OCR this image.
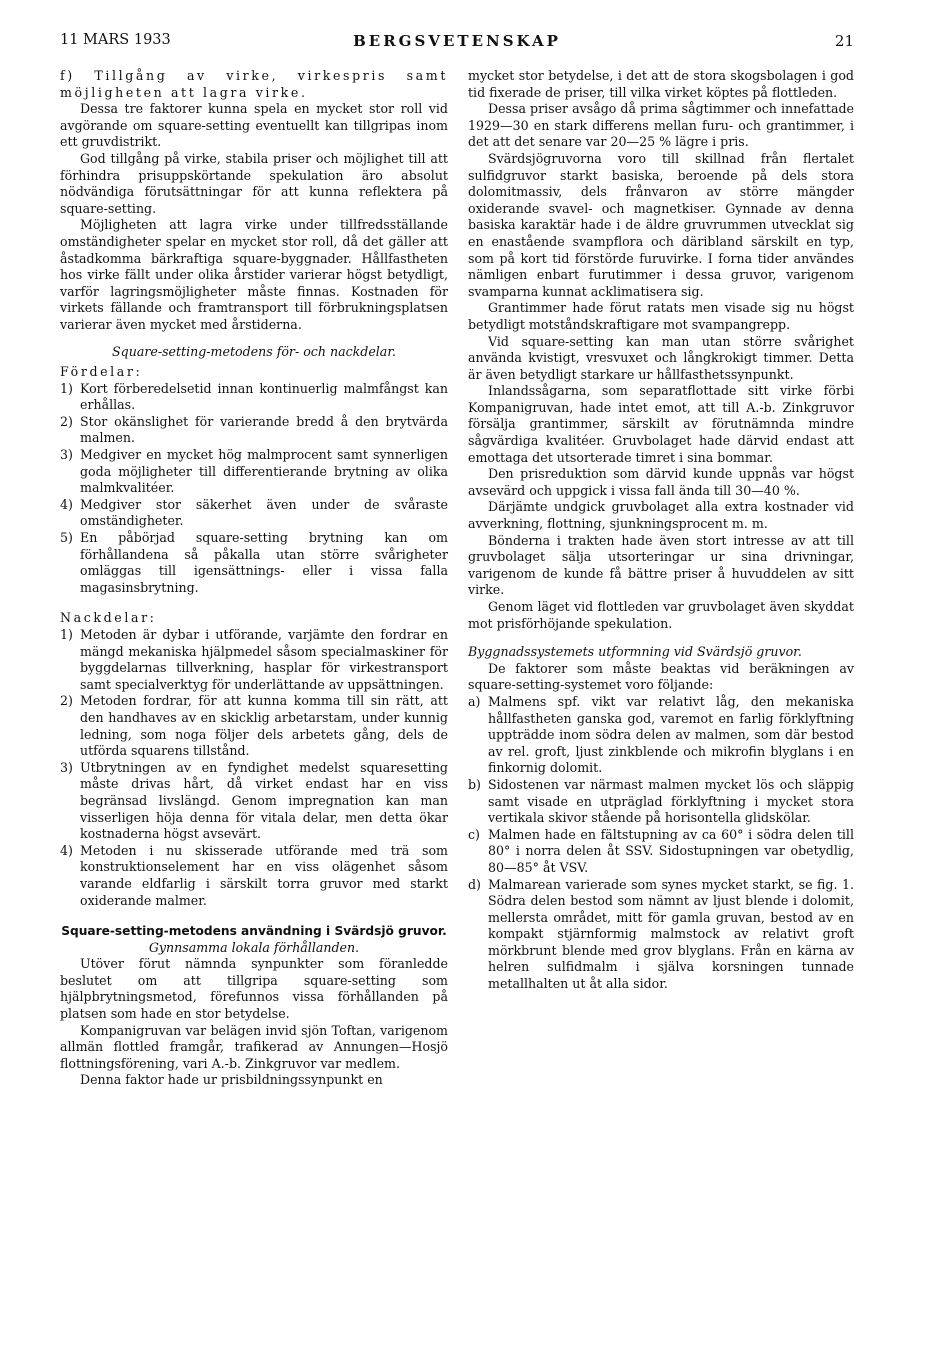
11 MARS 1933	BERGSVETENSKAP	21

f) Tillgång av virke, virkespris samt möjligheten att lagra virke.

Dessa tre faktorer kunna spela en mycket stor roll vid avgörande om square-setting eventuellt kan tillgripas inom ett gruvdistrikt.

God tillgång på virke, stabila priser och möjlighet till att förhindra prisuppskörtande spekulation äro absolut nödvändiga förutsättningar för att kunna reflektera på square-setting.

Möjligheten att lagra virke under tillfredsställande omständigheter spelar en mycket stor roll, då det gäller att åstadkomma bärkraftiga square-byggnader. Hållfastheten hos virke fällt under olika årstider varierar högst betydligt, varför lagringsmöjligheter måste finnas. Kostnaden för virkets fällande och framtransport till förbrukningsplatsen varierar även mycket med årstiderna.

Square-setting-metodens för- och nackdelar.

Fördelar:

1) Kort förberedelsetid innan kontinuerlig malmfångst kan erhållas.
2) Stor okänslighet för varierande bredd å den brytvärda malmen.
3) Medgiver en mycket hög malmprocent samt synnerligen goda möjligheter till differentierande brytning av olika malmkvalitéer.
4) Medgiver stor säkerhet även under de svåraste omständigheter.
5) En påbörjad square-setting brytning kan om förhållandena så påkalla utan större svårigheter omläggas till igensättnings- eller i vissa falla magasinsbrytning.

Nackdelar:

1) Metoden är dybar i utförande, varjämte den fordrar en mängd mekaniska hjälpmedel såsom specialmaskiner för byggdelarnas tillverkning, hasplar för virkestransport samt specialverktyg för underlättande av uppsättningen.
2) Metoden fordrar, för att kunna komma till sin rätt, att den handhaves av en skicklig arbetarstam, under kunnig ledning, som noga följer dels arbetets gång, dels de utförda squarens tillstånd.
3) Utbrytningen av en fyndighet medelst squaresetting måste drivas hårt, då virket endast har en viss begränsad livslängd. Genom impregnation kan man visserligen höja denna för vitala delar, men detta ökar kostnaderna högst avsevärt.
4) Metoden i nu skisserade utförande med trä som konstruktionselement har en viss olägenhet såsom varande eldfarlig i särskilt torra gruvor med starkt oxiderande malmer.

Square-setting-metodens användning i Svärdsjö gruvor.

Gynnsamma lokala förhållanden.

Utöver förut nämnda synpunkter som föranledde beslutet om att tillgripa square-setting som hjälpbrytningsmetod, förefunnos vissa förhållanden på platsen som hade en stor betydelse.

Kompanigruvan var belägen invid sjön Toftan, varigenom allmän flottled framgår, trafikerad av Annungen—Hosjö flottningsförening, vari A.-b. Zinkgruvor var medlem.

Denna faktor hade ur prisbildningssynpunkt en

mycket stor betydelse, i det att de stora skogsbolagen i god tid fixerade de priser, till vilka virket köptes på flottleden.

Dessa priser avsågo då prima sågtimmer och innefattade 1929—30 en stark differens mellan furu- och grantimmer, i det att det senare var 20—25 % lägre i pris.

Svärdsjögruvorna voro till skillnad från flertalet sulfidgruvor starkt basiska, beroende på dels stora dolomitmassiv, dels frånvaron av större mängder oxiderande svavel- och magnetkiser. Gynnade av denna basiska karaktär hade i de äldre gruvrummen utvecklat sig en enastående svampflora och däribland särskilt en typ, som på kort tid förstörde furuvirke. I forna tider användes nämligen enbart furutimmer i dessa gruvor, varigenom svamparna kunnat acklimatisera sig.

Grantimmer hade förut ratats men visade sig nu högst betydligt motståndskraftigare mot svampangrepp.

Vid square-setting kan man utan större svårighet använda kvistigt, vresvuxet och långkrokigt timmer. Detta är även betydligt starkare ur hållfasthetssynpunkt.

Inlandssågarna, som separatflottade sitt virke förbi Kompanigruvan, hade intet emot, att till A.-b. Zinkgruvor försälja grantimmer, särskilt av förutnämnda mindre sågvärdiga kvalitéer. Gruvbolaget hade därvid endast att emottaga det utsorterade timret i sina bommar.

Den prisreduktion som därvid kunde uppnås var högst avsevärd och uppgick i vissa fall ända till 30—40 %.

Därjämte undgick gruvbolaget alla extra kostnader vid avverkning, flottning, sjunkningsprocent m. m.

Bönderna i trakten hade även stort intresse av att till gruvbolaget sälja utsorteringar ur sina drivningar, varigenom de kunde få bättre priser å huvuddelen av sitt virke.

Genom läget vid flottleden var gruvbolaget även skyddat mot prisförhöjande spekulation.

Byggnadssystemets utformning vid Svärdsjö gruvor.

De faktorer som måste beaktas vid beräkningen av square-setting-systemet voro följande:

a) Malmens spf. vikt var relativt låg, den mekaniska hållfastheten ganska god, varemot en farlig förklyftning uppträdde inom södra delen av malmen, som där bestod av rel. groft, ljust zinkblende och mikrofin blyglans i en finkornig dolomit.
b) Sidostenen var närmast malmen mycket lös och släppig samt visade en utpräglad förklyftning i mycket stora vertikala skivor stående på horisontella glidskölar.
c) Malmen hade en fältstupning av ca 60° i södra delen till 80° i norra delen åt SSV. Sidostupningen var obetydlig, 80—85° åt VSV.
d) Malmarean varierade som synes mycket starkt, se fig. 1. Södra delen bestod som nämnt av ljust blende i dolomit, mellersta området, mitt för gamla gruvan, bestod av en kompakt stjärnformig malmstock av relativt groft mörkbrunt blende med grov blyglans. Från en kärna av helren sulfidmalm i själva korsningen tunnade metallhalten ut åt alla sidor.
